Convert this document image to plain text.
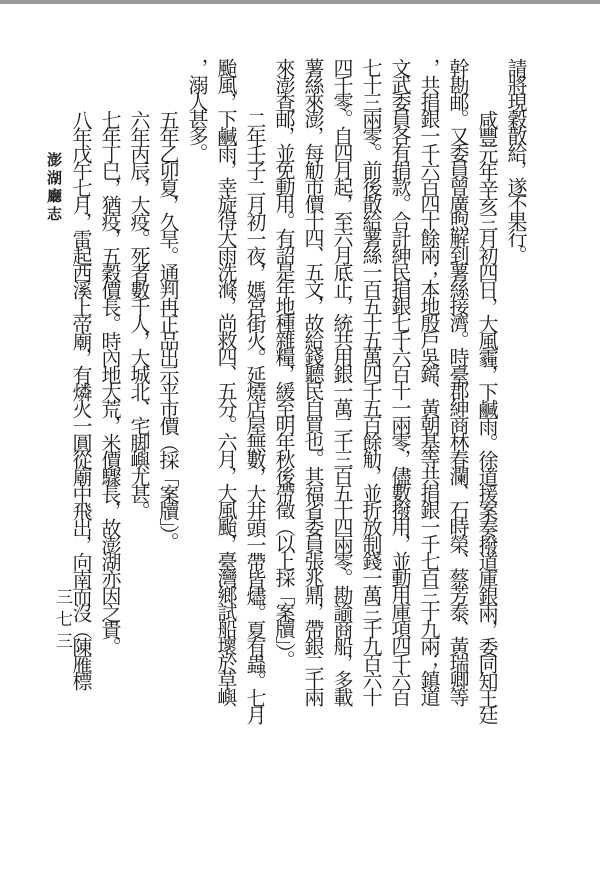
請將現穀散給，遂不果行。
咸豐元年辛亥三月初四日，大風霾，下鹹雨。徐道援案奏撥道庫銀兩，委同知王廷
幹勘邮。又委員曾廣煦解到薯絲接濟。時臺郡紳商林春瀾、石時榮、蔡芳泰、黃瑞卿等
，共捐銀一千六百四十餘兩；本地殷戶吳鏛、黃朝基等共捐銀一千七百三十九兩；鎮道
文武委員各有捐款。合計紳民捐銀七千六百十一兩零，儘數撥用，並動用庫項四千六百
七十三兩零。前後散給薯絲一百五十五萬四千五百餘觔，並折放制錢一萬三千九百六十
四千零。自四月起，至六月底止，統共用銀一萬二千三百五十四兩零。勘諭商船，多載
薯絲來澎，每觔市價十四、五文，故給錢聽民自買也。其福省委員張兆鼎，帶銀二千兩
來澎查邮，並免動用。有詔是年地種雜糧，緩至明年秋後帶徵（以上採「案牘」）。
二年壬子二月初一夜，媽宮街火。延燒店屋無數，大井頭一帶皆燼。夏有蟲。七月
颱風，下鹹雨，幸旋得大雨洗滌，尚救四、五分。六月，大風颱，臺灣鄉試船壞於草嶼
，溺人甚多。
五年乙卯夏，久旱。通判冉正品出示平市價（採「案牘」）。
六年丙辰，大疫。死者數千人，大城北、宅脚嶼尤甚。
七年丁巳，猶疫，五穀價長。時內地大荒，米價驟長，故澎湖亦因之貴。
八年戊午七月，雷起西溪上帝廟，有燐火一圓從廟中飛出，向南而沒（陳雁標
澎湖廳志
三七三
